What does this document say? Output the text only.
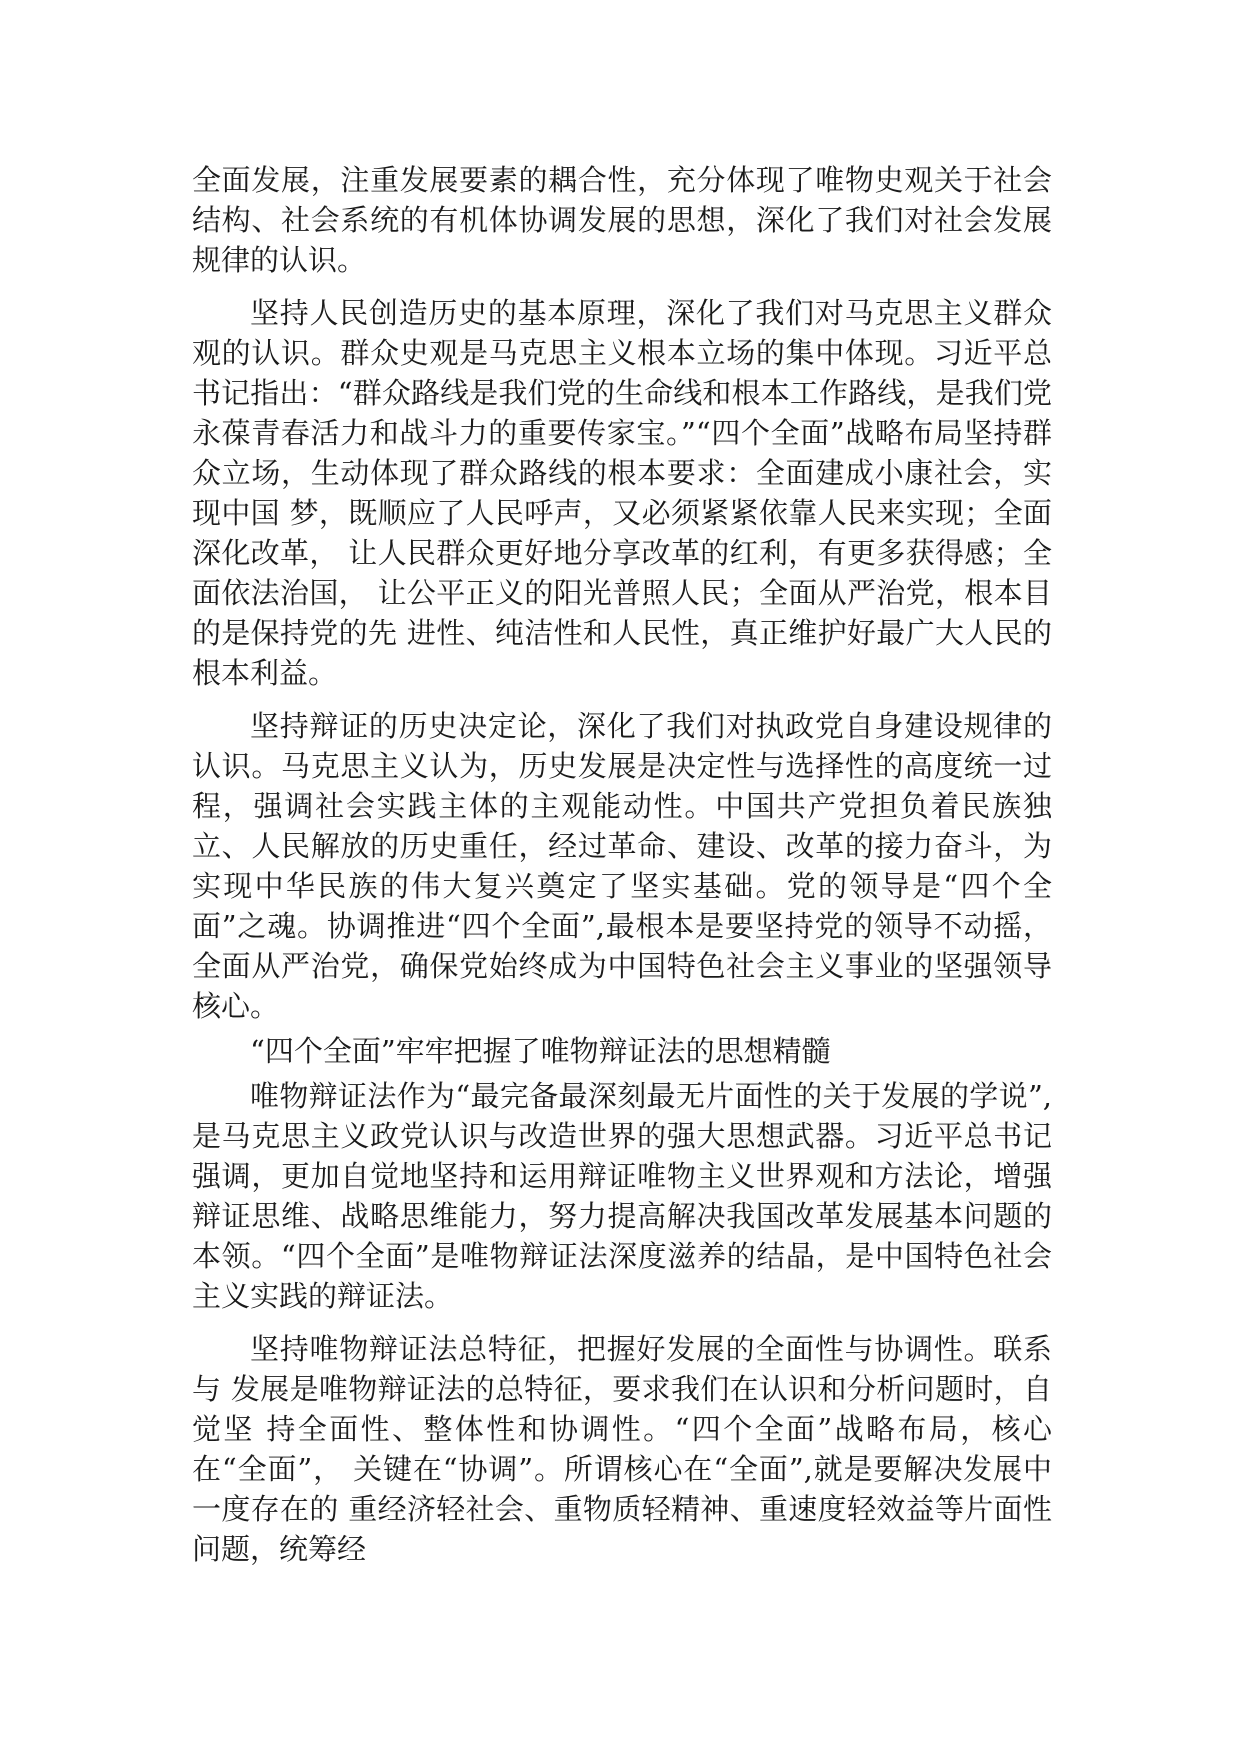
全面发展，注重发展要素的耦合性，充分体现了唯物史观关于社会结构、社会系统的有机体协调发展的思想，深化了我们对社会发展规律的认识。

坚持人民创造历史的基本原理，深化了我们对马克思主义群众观的认识。群众史观是马克思主义根本立场的集中体现。习近平总书记指出：“群众路线是我们党的生命线和根本工作路线，是我们党永葆青春活力和战斗力的重要传家宝。”“四个全面”战略布局坚持群众立场，生动体现了群众路线的根本要求：全面建成小康社会，实现中国 梦，既顺应了人民呼声，又必须紧紧依靠人民来实现；全面深化改革， 让人民群众更好地分享改革的红利，有更多获得感；全面依法治国， 让公平正义的阳光普照人民；全面从严治党，根本目的是保持党的先 进性、纯洁性和人民性，真正维护好最广大人民的根本利益。

坚持辩证的历史决定论，深化了我们对执政党自身建设规律的认识。马克思主义认为，历史发展是决定性与选择性的高度统一过程，强调社会实践主体的主观能动性。中国共产党担负着民族独立、人民解放的历史重任，经过革命、建设、改革的接力奋斗，为实现中华民族的伟大复兴奠定了坚实基础。党的领导是“四个全面”之魂。协调推进“四个全面”,最根本是要坚持党的领导不动摇，全面从严治党，确保党始终成为中国特色社会主义事业的坚强领导核心。

“四个全面”牢牢把握了唯物辩证法的思想精髓

唯物辩证法作为“最完备最深刻最无片面性的关于发展的学说”,是马克思主义政党认识与改造世界的强大思想武器。习近平总书记强调，更加自觉地坚持和运用辩证唯物主义世界观和方法论，增强辩证思维、战略思维能力，努力提高解决我国改革发展基本问题的本领。“四个全面”是唯物辩证法深度滋养的结晶，是中国特色社会主义实践的辩证法。

坚持唯物辩证法总特征，把握好发展的全面性与协调性。联系与 发展是唯物辩证法的总特征，要求我们在认识和分析问题时，自觉坚 持全面性、整体性和协调性。“四个全面”战略布局，核心在“全面”， 关键在“协调”。所谓核心在“全面”,就是要解决发展中一度存在的 重经济轻社会、重物质轻精神、重速度轻效益等片面性问题，统筹经
